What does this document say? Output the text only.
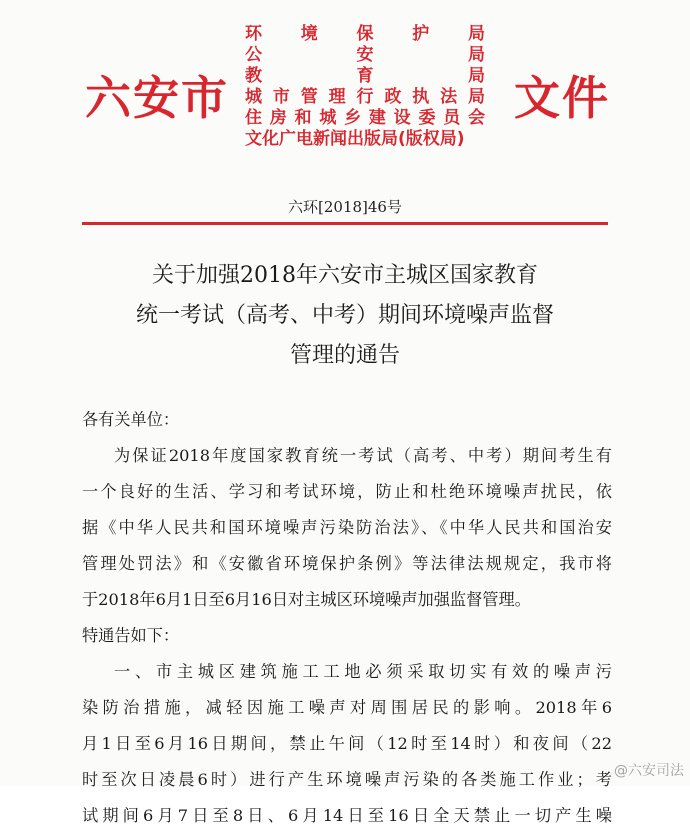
六安市
环境保护局
公安局
教育局
城市管理行政执法局
住房和城乡建设委员会
文化广电新闻出版局(版权局)
文件
六环[2018]46号
关于加强2018年六安市主城区国家教育
统一考试（高考、中考）期间环境噪声监督
管理的通告
各有关单位：
为保证2018年度国家教育统一考试（高考、中考）期间考生有
一个良好的生活、学习和考试环境，防止和杜绝环境噪声扰民，依
据《中华人民共和国环境噪声污染防治法》、《中华人民共和国治安
管理处罚法》和《安徽省环境保护条例》等法律法规规定，我市将
于2018年6月1日至6月16日对主城区环境噪声加强监督管理。
特通告如下：
一、市主城区建筑施工工地必须采取切实有效的噪声污
染防治措施，减轻因施工噪声对周围居民的影响。2018年6
月1日至6月16日期间，禁止午间（12时至14时）和夜间（22
时至次日凌晨6时）进行产生环境噪声污染的各类施工作业；考
试期间6月7日至8日、6月14日至16日全天禁止一切产生噪
@六安司法
